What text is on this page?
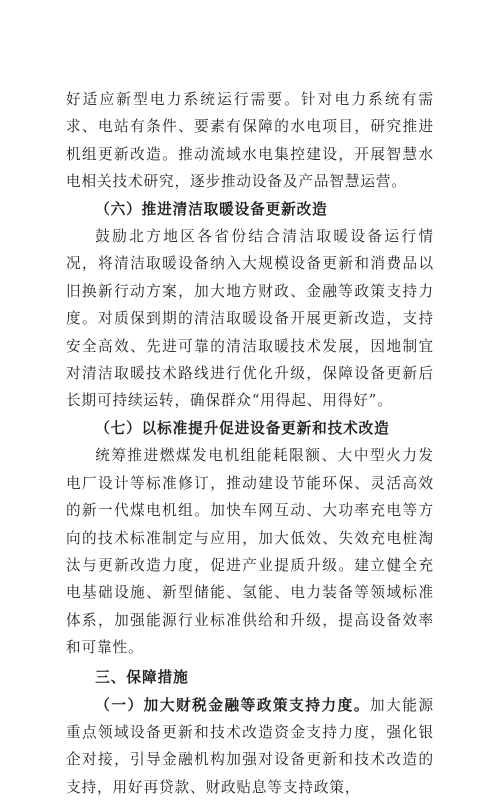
好适应新型电力系统运行需要。针对电力系统有需求、电站有条件、要素有保障的水电项目，研究推进机组更新改造。推动流域水电集控建设，开展智慧水电相关技术研究，逐步推动设备及产品智慧运营。

（六）推进清洁取暖设备更新改造

鼓励北方地区各省份结合清洁取暖设备运行情况，将清洁取暖设备纳入大规模设备更新和消费品以旧换新行动方案，加大地方财政、金融等政策支持力度。对质保到期的清洁取暖设备开展更新改造，支持安全高效、先进可靠的清洁取暖技术发展，因地制宜对清洁取暖技术路线进行优化升级，保障设备更新后长期可持续运转，确保群众“用得起、用得好”。

（七）以标准提升促进设备更新和技术改造

统筹推进燃煤发电机组能耗限额、大中型火力发电厂设计等标准修订，推动建设节能环保、灵活高效的新一代煤电机组。加快车网互动、大功率充电等方向的技术标准制定与应用，加大低效、失效充电桩淘汰与更新改造力度，促进产业提质升级。建立健全充电基础设施、新型储能、氢能、电力装备等领域标准体系，加强能源行业标准供给和升级，提高设备效率和可靠性。

三、保障措施

（一）加大财税金融等政策支持力度。加大能源重点领域设备更新和技术改造资金支持力度，强化银企对接，引导金融机构加强对设备更新和技术改造的支持，用好再贷款、财政贴息等支持政策，
